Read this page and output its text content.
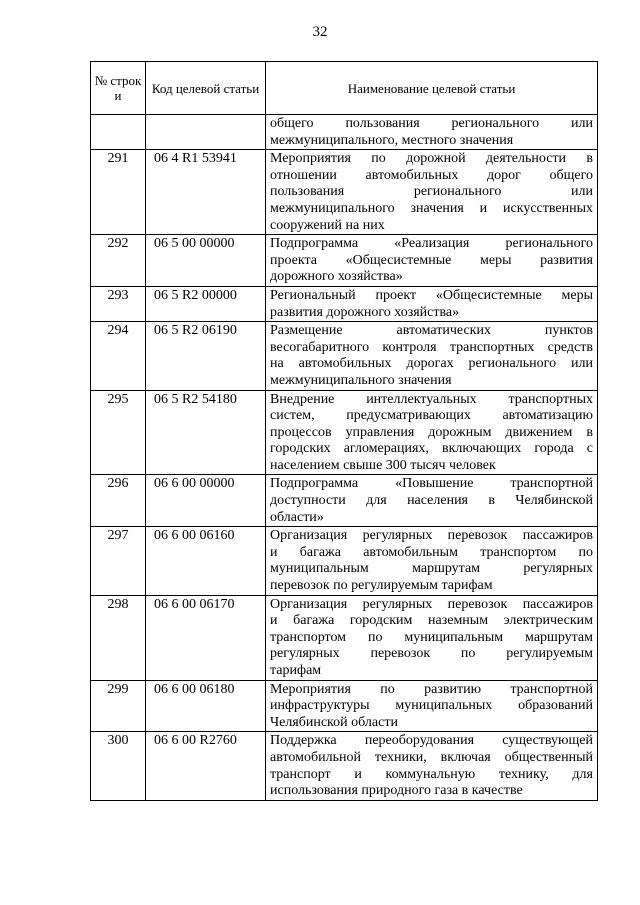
32
№ строк и	Код целевой статьи	Наименование целевой статьи

		общего пользования регионального или
межмуниципального, местного значения

291	06 4 R1 53941	Мероприятия по дорожной деятельности в
отношении автомобильных дорог общего
пользования регионального или
межмуниципального значения и искусственных
сооружений на них

292	06 5 00 00000	Подпрограмма «Реализация регионального
проекта «Общесистемные меры развития
дорожного хозяйства»

293	06 5 R2 00000	Региональный проект «Общесистемные меры
развития дорожного хозяйства»

294	06 5 R2 06190	Размещение автоматических пунктов
весогабаритного контроля транспортных средств
на автомобильных дорогах регионального или
межмуниципального значения

295	06 5 R2 54180	Внедрение интеллектуальных транспортных
систем, предусматривающих автоматизацию
процессов управления дорожным движением в
городских агломерациях, включающих города с
населением свыше 300 тысяч человек

296	06 6 00 00000	Подпрограмма «Повышение транспортной
доступности для населения в Челябинской
области»

297	06 6 00 06160	Организация регулярных перевозок пассажиров
и багажа автомобильным транспортом по
муниципальным маршрутам регулярных
перевозок по регулируемым тарифам

298	06 6 00 06170	Организация регулярных перевозок пассажиров
и багажа городским наземным электрическим
транспортом по муниципальным маршрутам
регулярных перевозок по регулируемым
тарифам

299	06 6 00 06180	Мероприятия по развитию транспортной
инфраструктуры муниципальных образований
Челябинской области

300	06 6 00 R2760	Поддержка переоборудования существующей
автомобильной техники, включая общественный
транспорт и коммунальную технику, для
использования природного газа в качестве
